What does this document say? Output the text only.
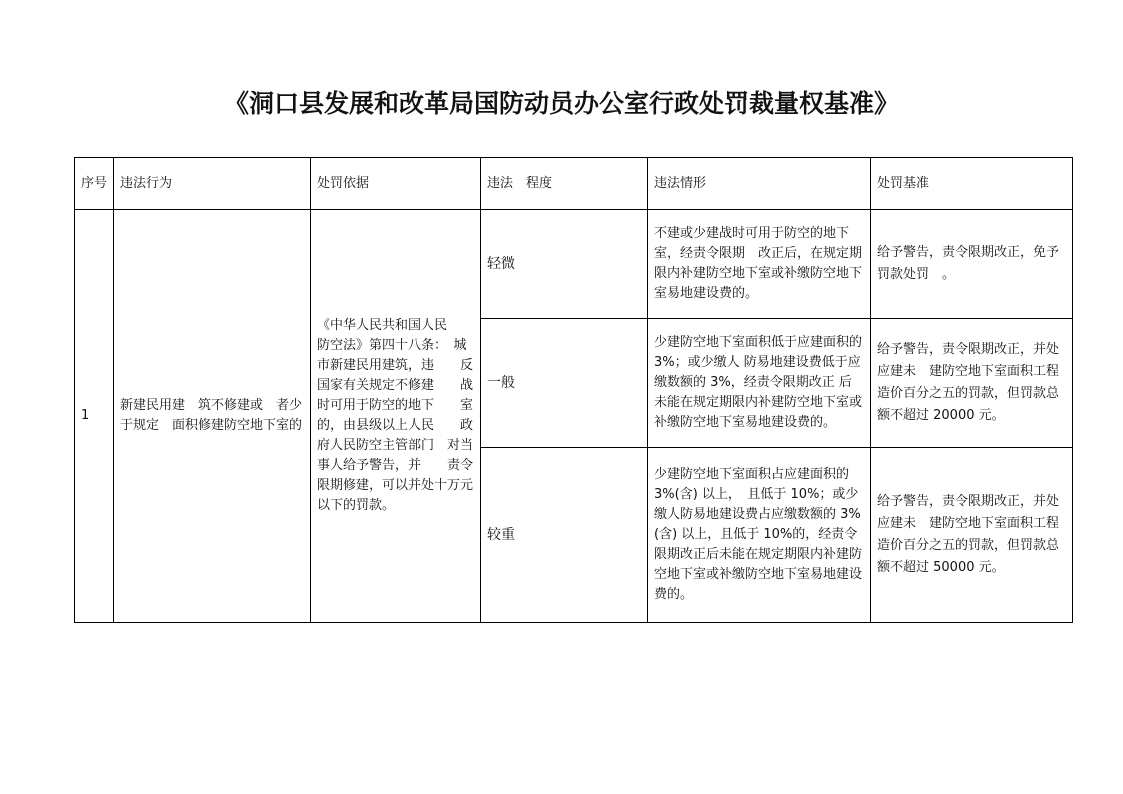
《洞口县发展和改革局国防动员办公室行政处罚裁量权基准》
序号	违法行为	处罚依据	违法　程度	违法情形	处罚基准
1	新建民用建　筑不修建或　者少于规定　面积修建防空地下室的	《中华人民共和国人民　　防空法》第四十八条：　城市新建民用建筑，违　　反国家有关规定不修建　　战时可用于防空的地下　　室的，由县级以上人民　　政府人民防空主管部门　对当事人给予警告，并　　责令限期修建，可以并处十万元以下的罚款。	轻微	不建或少建战时可用于防空的地下室，经责令限期　改正后，在规定期限内补建防空地下室或补缴防空地下室易地建设费的。	给予警告，责令限期改正，免予罚款处罚　。
			一般	少建防空地下室面积低于应建面积的 3%；或少缴人 防易地建设费低于应缴数额的 3%，经责令限期改正 后未能在规定期限内补建防空地下室或补缴防空地下室易地建设费的。	给予警告，责令限期改正，并处应建未　建防空地下室面积工程造价百分之五的罚款，但罚款总额不超过 20000 元。
			较重	少建防空地下室面积占应建面积的 3%(含) 以上，　且低于 10%；或少缴人防易地建设费占应缴数额的 3%(含) 以上，且低于 10%的，经责令限期改正后未能在规定期限内补建防空地下室或补缴防空地下室易地建设费的。	给予警告，责令限期改正，并处应建未　建防空地下室面积工程造价百分之五的罚款，但罚款总额不超过 50000 元。
